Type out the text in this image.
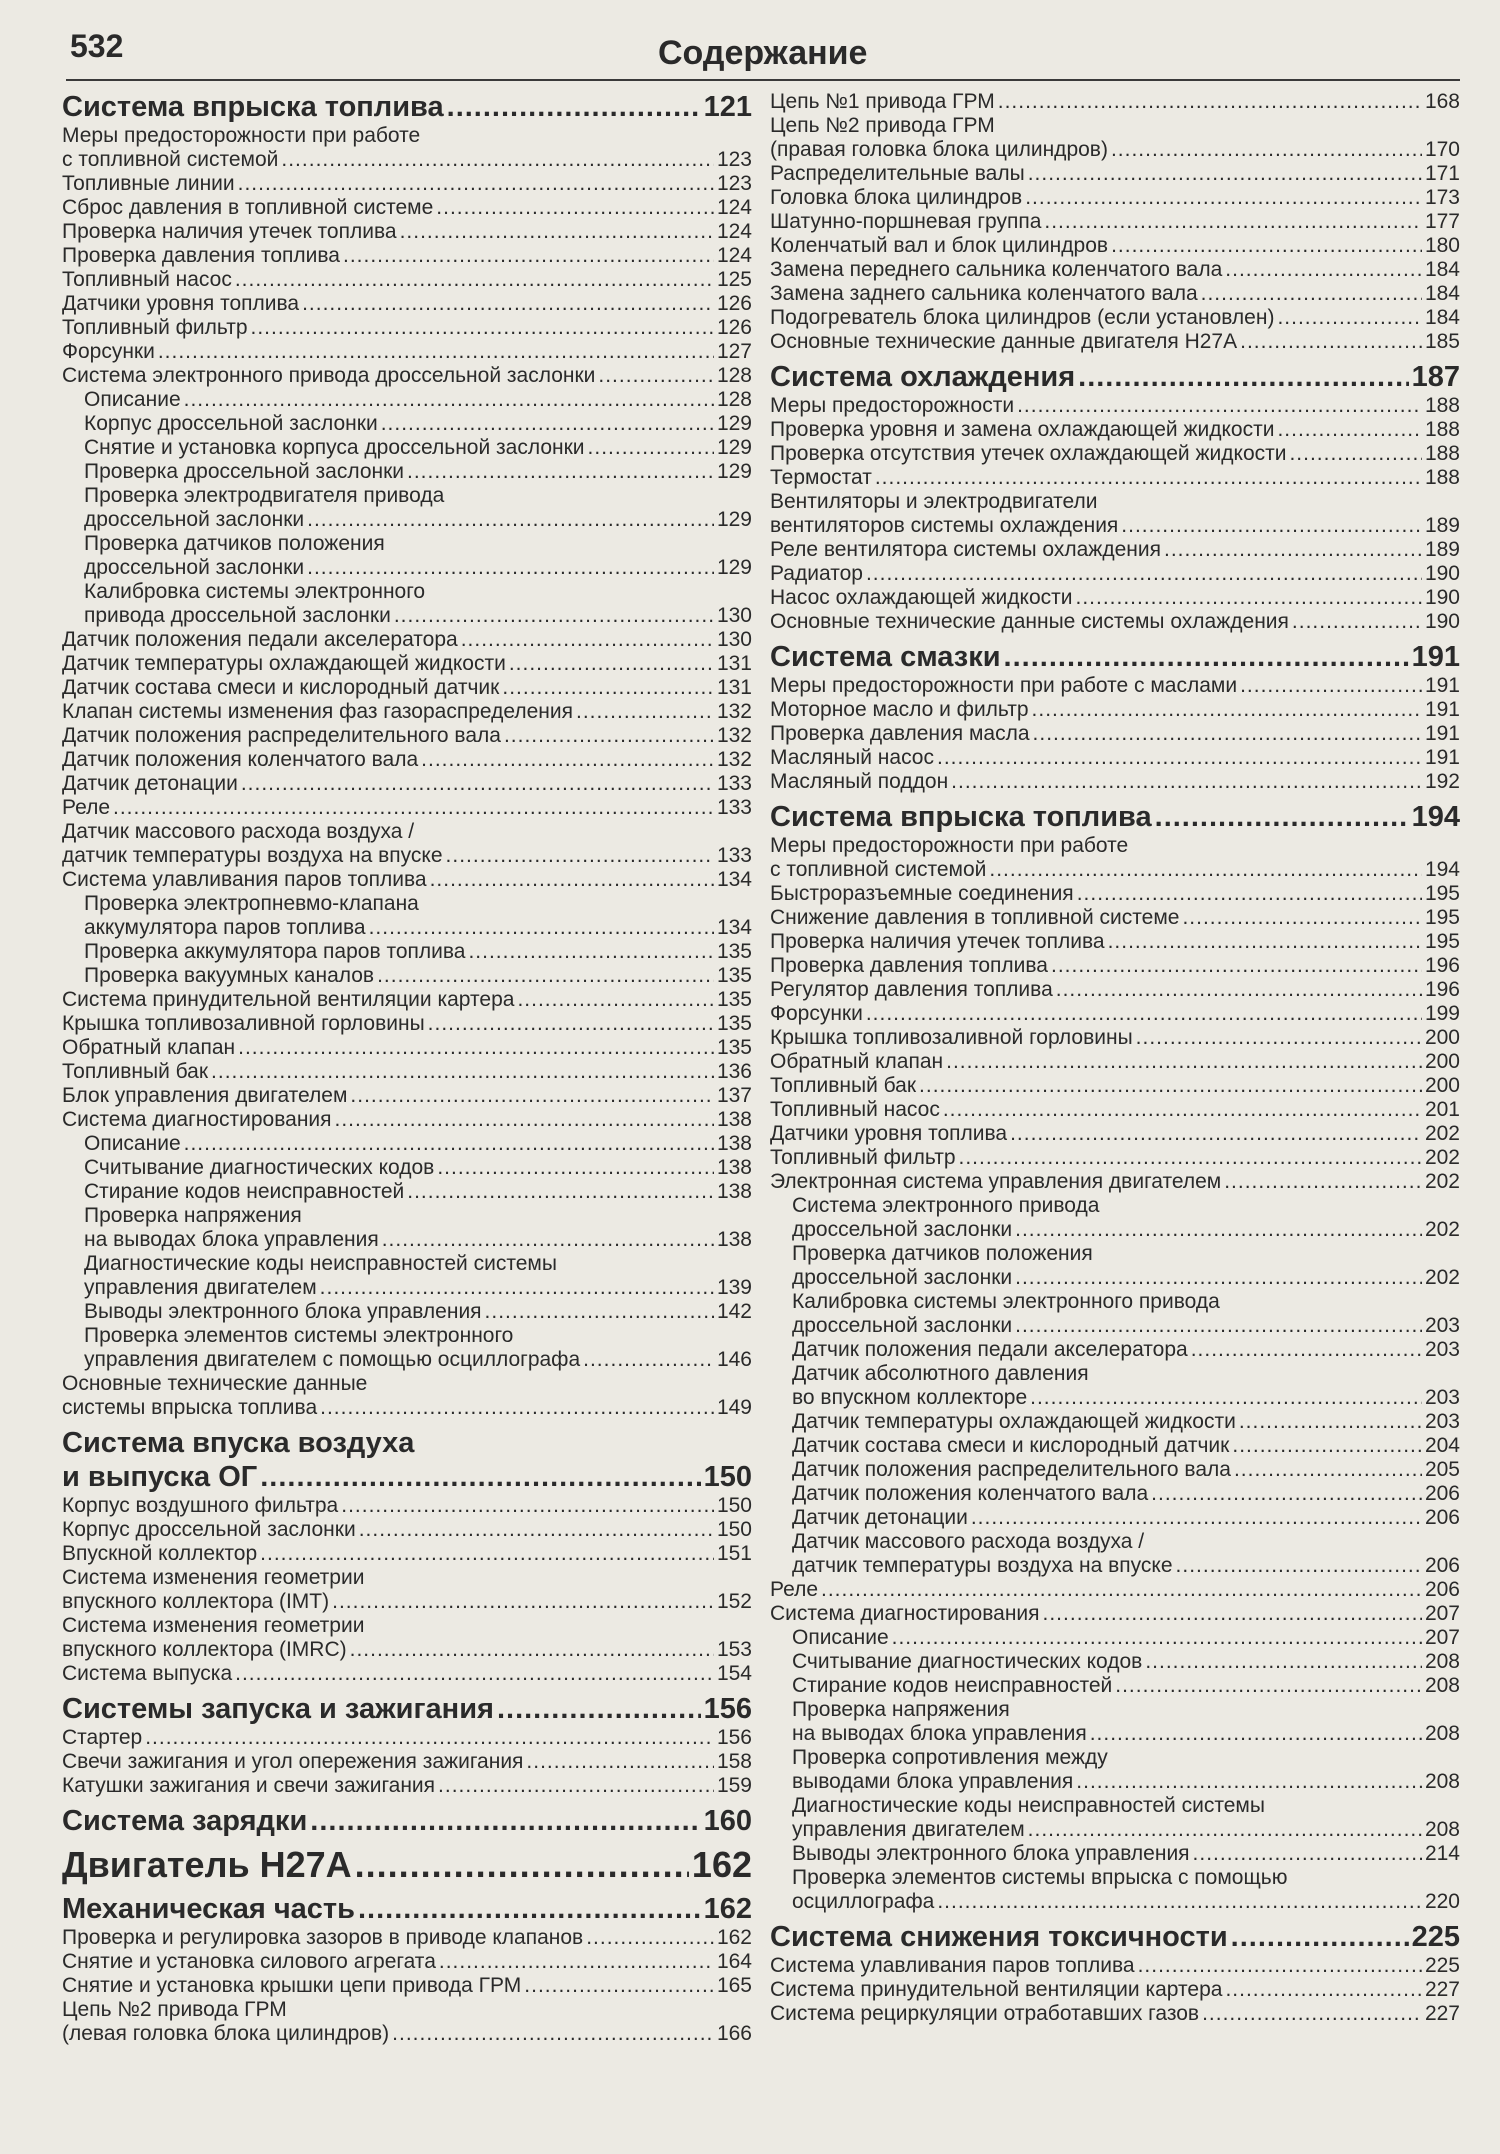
532	Содержание
Система впрыска топлива .....	121
Меры предосторожности при работе
с топливной системой .....	123
Топливные линии .....	123
Сброс давления в топливной системе .....	124
Проверка наличия утечек топлива .....	124
Проверка давления топлива .....	124
Топливный насос .....	125
Датчики уровня топлива .....	126
Топливный фильтр .....	126
Форсунки .....	127
Система электронного привода дроссельной заслонки .....	128
Описание .....	128
Корпус дроссельной заслонки .....	129
Снятие и установка корпуса дроссельной заслонки .....	129
Проверка дроссельной заслонки .....	129
Проверка электродвигателя привода
дроссельной заслонки .....	129
Проверка датчиков положения
дроссельной заслонки .....	129
Калибровка системы электронного
привода дроссельной заслонки .....	130
Датчик положения педали акселератора .....	130
Датчик температуры охлаждающей жидкости .....	131
Датчик состава смеси и кислородный датчик .....	131
Клапан системы изменения фаз газораспределения .....	132
Датчик положения распределительного вала .....	132
Датчик положения коленчатого вала .....	132
Датчик детонации .....	133
Реле .....	133
Датчик массового расхода воздуха /
датчик температуры воздуха на впуске .....	133
Система улавливания паров топлива .....	134
Проверка электропневмо-клапана
аккумулятора паров топлива .....	134
Проверка аккумулятора паров топлива .....	135
Проверка вакуумных каналов .....	135
Система принудительной вентиляции картера .....	135
Крышка топливозаливной горловины .....	135
Обратный клапан .....	135
Топливный бак .....	136
Блок управления двигателем .....	137
Система диагностирования .....	138
Описание .....	138
Считывание диагностических кодов .....	138
Стирание кодов неисправностей .....	138
Проверка напряжения
на выводах блока управления .....	138
Диагностические коды неисправностей системы
управления двигателем .....	139
Выводы электронного блока управления .....	142
Проверка элементов системы электронного
управления двигателем с помощью осциллографа .....	146
Основные технические данные
системы впрыска топлива .....	149
Система впуска воздуха
и выпуска ОГ .....	150
Корпус воздушного фильтра .....	150
Корпус дроссельной заслонки .....	150
Впускной коллектор .....	151
Система изменения геометрии
впускного коллектора (IMT) .....	152
Система изменения геометрии
впускного коллектора (IMRC) .....	153
Система выпуска .....	154
Системы запуска и зажигания .....	156
Стартер .....	156
Свечи зажигания и угол опережения зажигания .....	158
Катушки зажигания и свечи зажигания .....	159
Система зарядки .....	160
Двигатель H27A .....	162
Механическая часть .....	162
Проверка и регулировка зазоров в приводе клапанов .....	162
Снятие и установка силового агрегата .....	164
Снятие и установка крышки цепи привода ГРМ .....	165
Цепь №2 привода ГРМ
(левая головка блока цилиндров) .....	166
Цепь №1 привода ГРМ .....	168
Цепь №2 привода ГРМ
(правая головка блока цилиндров) .....	170
Распределительные валы .....	171
Головка блока цилиндров .....	173
Шатунно-поршневая группа .....	177
Коленчатый вал и блок цилиндров .....	180
Замена переднего сальника коленчатого вала .....	184
Замена заднего сальника коленчатого вала .....	184
Подогреватель блока цилиндров (если установлен) .....	184
Основные технические данные двигателя H27A .....	185
Система охлаждения .....	187
Меры предосторожности .....	188
Проверка уровня и замена охлаждающей жидкости .....	188
Проверка отсутствия утечек охлаждающей жидкости .....	188
Термостат .....	188
Вентиляторы и электродвигатели
вентиляторов системы охлаждения .....	189
Реле вентилятора системы охлаждения .....	189
Радиатор .....	190
Насос охлаждающей жидкости .....	190
Основные технические данные системы охлаждения .....	190
Система смазки .....	191
Меры предосторожности при работе с маслами .....	191
Моторное масло и фильтр .....	191
Проверка давления масла .....	191
Масляный насос .....	191
Масляный поддон .....	192
Система впрыска топлива .....	194
Меры предосторожности при работе
с топливной системой .....	194
Быстроразъемные соединения .....	195
Снижение давления в топливной системе .....	195
Проверка наличия утечек топлива .....	195
Проверка давления топлива .....	196
Регулятор давления топлива .....	196
Форсунки .....	199
Крышка топливозаливной горловины .....	200
Обратный клапан .....	200
Топливный бак .....	200
Топливный насос .....	201
Датчики уровня топлива .....	202
Топливный фильтр .....	202
Электронная система управления двигателем .....	202
Система электронного привода
дроссельной заслонки .....	202
Проверка датчиков положения
дроссельной заслонки .....	202
Калибровка системы электронного привода
дроссельной заслонки .....	203
Датчик положения педали акселератора .....	203
Датчик абсолютного давления
во впускном коллекторе .....	203
Датчик температуры охлаждающей жидкости .....	203
Датчик состава смеси и кислородный датчик .....	204
Датчик положения распределительного вала .....	205
Датчик положения коленчатого вала .....	206
Датчик детонации .....	206
Датчик массового расхода воздуха /
датчик температуры воздуха на впуске .....	206
Реле .....	206
Система диагностирования .....	207
Описание .....	207
Считывание диагностических кодов .....	208
Стирание кодов неисправностей .....	208
Проверка напряжения
на выводах блока управления .....	208
Проверка сопротивления между
выводами блока управления .....	208
Диагностические коды неисправностей системы
управления двигателем .....	208
Выводы электронного блока управления .....	214
Проверка элементов системы впрыска с помощью
осциллографа .....	220
Система снижения токсичности .....	225
Система улавливания паров топлива .....	225
Система принудительной вентиляции картера .....	227
Система рециркуляции отработавших газов .....	227
